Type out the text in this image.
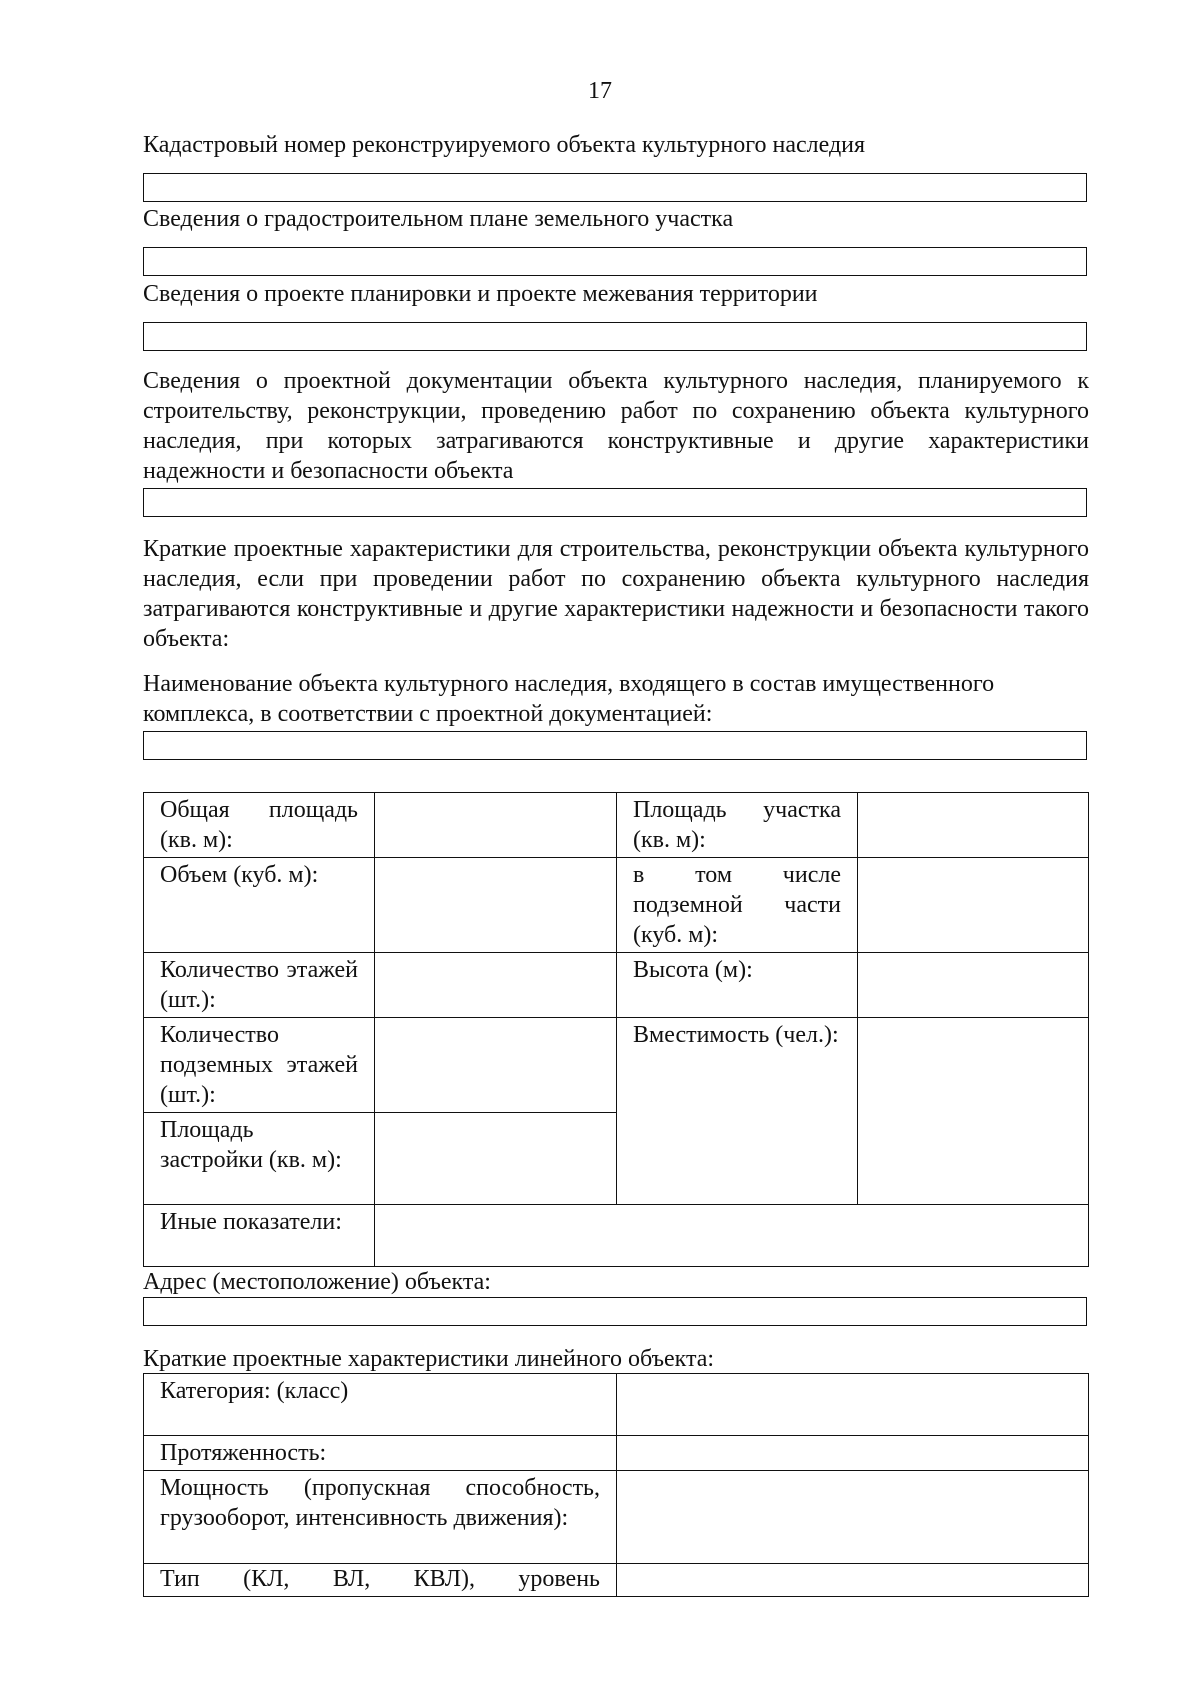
17
Кадастровый номер реконструируемого объекта культурного наследия
Сведения о градостроительном плане земельного участка
Сведения о проекте планировки и проекте межевания территории
Сведения о проектной документации объекта культурного наследия, планируемого к строительству, реконструкции, проведению работ по сохранению объекта культурного наследия, при которых затрагиваются конструктивные и другие характеристики надежности и безопасности объекта
Краткие проектные характеристики для строительства, реконструкции объекта культурного наследия, если при проведении работ по сохранению объекта культурного наследия затрагиваются конструктивные и другие характеристики надежности и безопасности такого объекта:
Наименование объекта культурного наследия, входящего в состав имущественного комплекса, в соответствии с проектной документацией:
Общая площадь (кв. м):		Площадь участка (кв. м):	
Объем (куб. м):		в том числе подземной части (куб. м):	
Количество этажей (шт.):		Высота (м):	
Количество подземных этажей (шт.):		Вместимость (чел.):	
Площадь застройки (кв. м):			
Иные показатели:			
Адрес (местоположение) объекта:
Краткие проектные характеристики линейного объекта:
Категория: (класс)	
Протяженность:	
Мощность (пропускная способность, грузооборот, интенсивность движения):	
Тип (КЛ, ВЛ, КВЛ), уровень	
